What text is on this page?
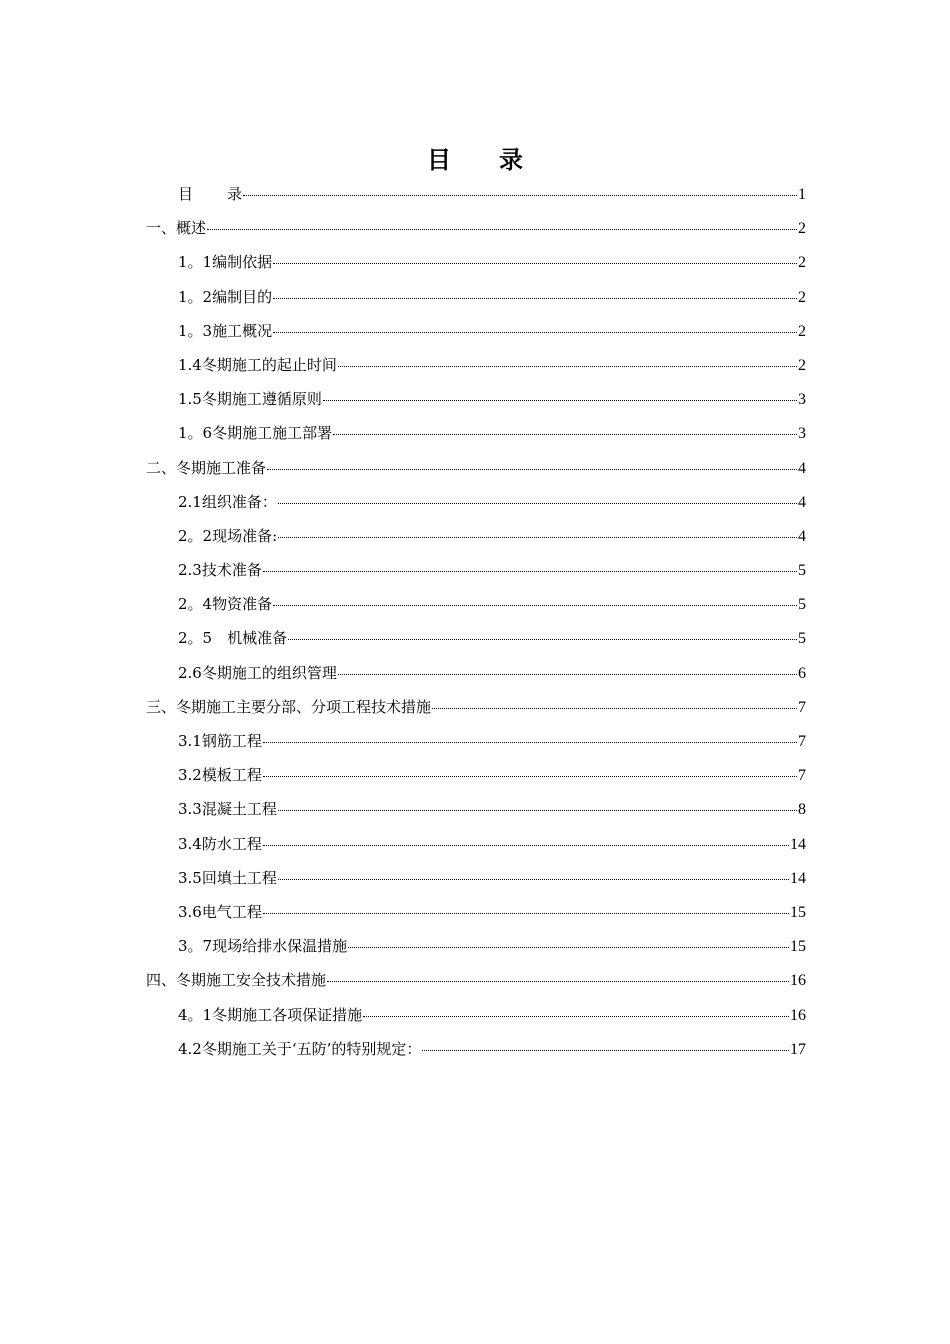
目 录
目 录	1
一、概述	2
1。1编制依据	2
1。2编制目的	2
1。3施工概况	2
1.4冬期施工的起止时间	2
1.5冬期施工遵循原则	3
1。6冬期施工施工部署	3
二、冬期施工准备	4
2.1组织准备：	4
2。2现场准备:	4
2.3技术准备	5
2。4物资准备	5
2。5　机械准备	5
2.6冬期施工的组织管理	6
三、冬期施工主要分部、分项工程技术措施	7
3.1钢筋工程	7
3.2模板工程	7
3.3混凝土工程	8
3.4防水工程	14
3.5回填土工程	14
3.6电气工程	15
3。7现场给排水保温措施	15
四、冬期施工安全技术措施	16
4。1冬期施工各项保证措施	16
4.2冬期施工关于‘五防’的特别规定：	17
